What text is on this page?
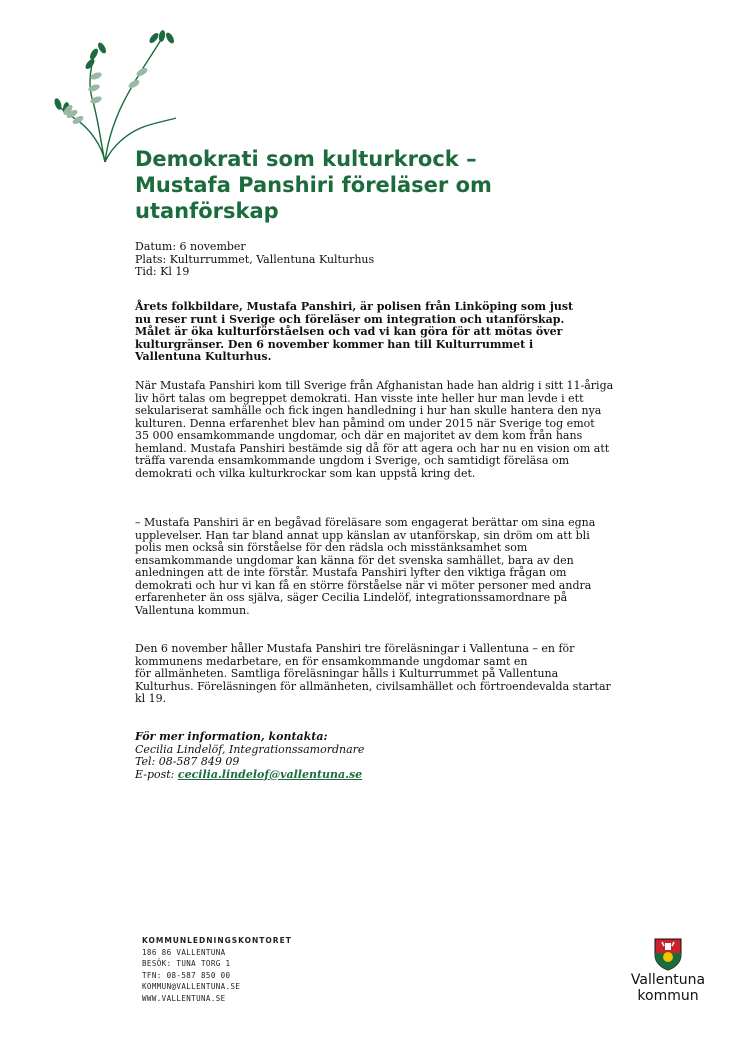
Demokrati som kulturkrock –
Mustafa Panshiri föreläser om
utanförskap
Datum: 6 november
Plats: Kulturrummet, Vallentuna Kulturhus
Tid: Kl 19
Årets folkbildare, Mustafa Panshiri, är polisen från Linköping som just
nu reser runt i Sverige och föreläser om integration och utanförskap.
Målet är öka kulturförståelsen och vad vi kan göra för att mötas över
kulturgränser. Den 6 november kommer han till Kulturrummet i
Vallentuna Kulturhus.
När Mustafa Panshiri kom till Sverige från Afghanistan hade han aldrig i sitt 11-åriga
liv hört talas om begreppet demokrati. Han visste inte heller hur man levde i ett
sekulariserat samhälle och fick ingen handledning i hur han skulle hantera den nya
kulturen. Denna erfarenhet blev han påmind om under 2015 när Sverige tog emot
35 000 ensamkommande ungdomar, och där en majoritet av dem kom från hans
hemland. Mustafa Panshiri bestämde sig då för att agera och har nu en vision om att
träffa varenda ensamkommande ungdom i Sverige, och samtidigt föreläsa om
demokrati och vilka kulturkrockar som kan uppstå kring det.
– Mustafa Panshiri är en begåvad föreläsare som engagerat berättar om sina egna
upplevelser. Han tar bland annat upp känslan av utanförskap, sin dröm om att bli
polis men också sin förståelse för den rädsla och misstänksamhet som
ensamkommande ungdomar kan känna för det svenska samhället, bara av den
anledningen att de inte förstår. Mustafa Panshiri lyfter den viktiga frågan om
demokrati och hur vi kan få en större förståelse när vi möter personer med andra
erfarenheter än oss själva, säger Cecilia Lindelöf, integrationssamordnare på
Vallentuna kommun.
Den 6 november håller Mustafa Panshiri tre föreläsningar i Vallentuna – en för
kommunens medarbetare, en för ensamkommande ungdomar samt en
för allmänheten. Samtliga föreläsningar hålls i Kulturrummet på Vallentuna
Kulturhus. Föreläsningen för allmänheten, civilsamhället och förtroendevalda startar
kl 19.
För mer information, kontakta:
Cecilia Lindelöf, Integrationssamordnare
Tel: 08-587 849 09
E-post: cecilia.lindelof@vallentuna.se
KOMMUNLEDNINGSKONTORET
186 86 VALLENTUNA
BESÖK: TUNA TORG 1
TFN: 08-587 850 00
KOMMUN@VALLENTUNA.SE
WWW.VALLENTUNA.SE
Vallentuna
kommun
